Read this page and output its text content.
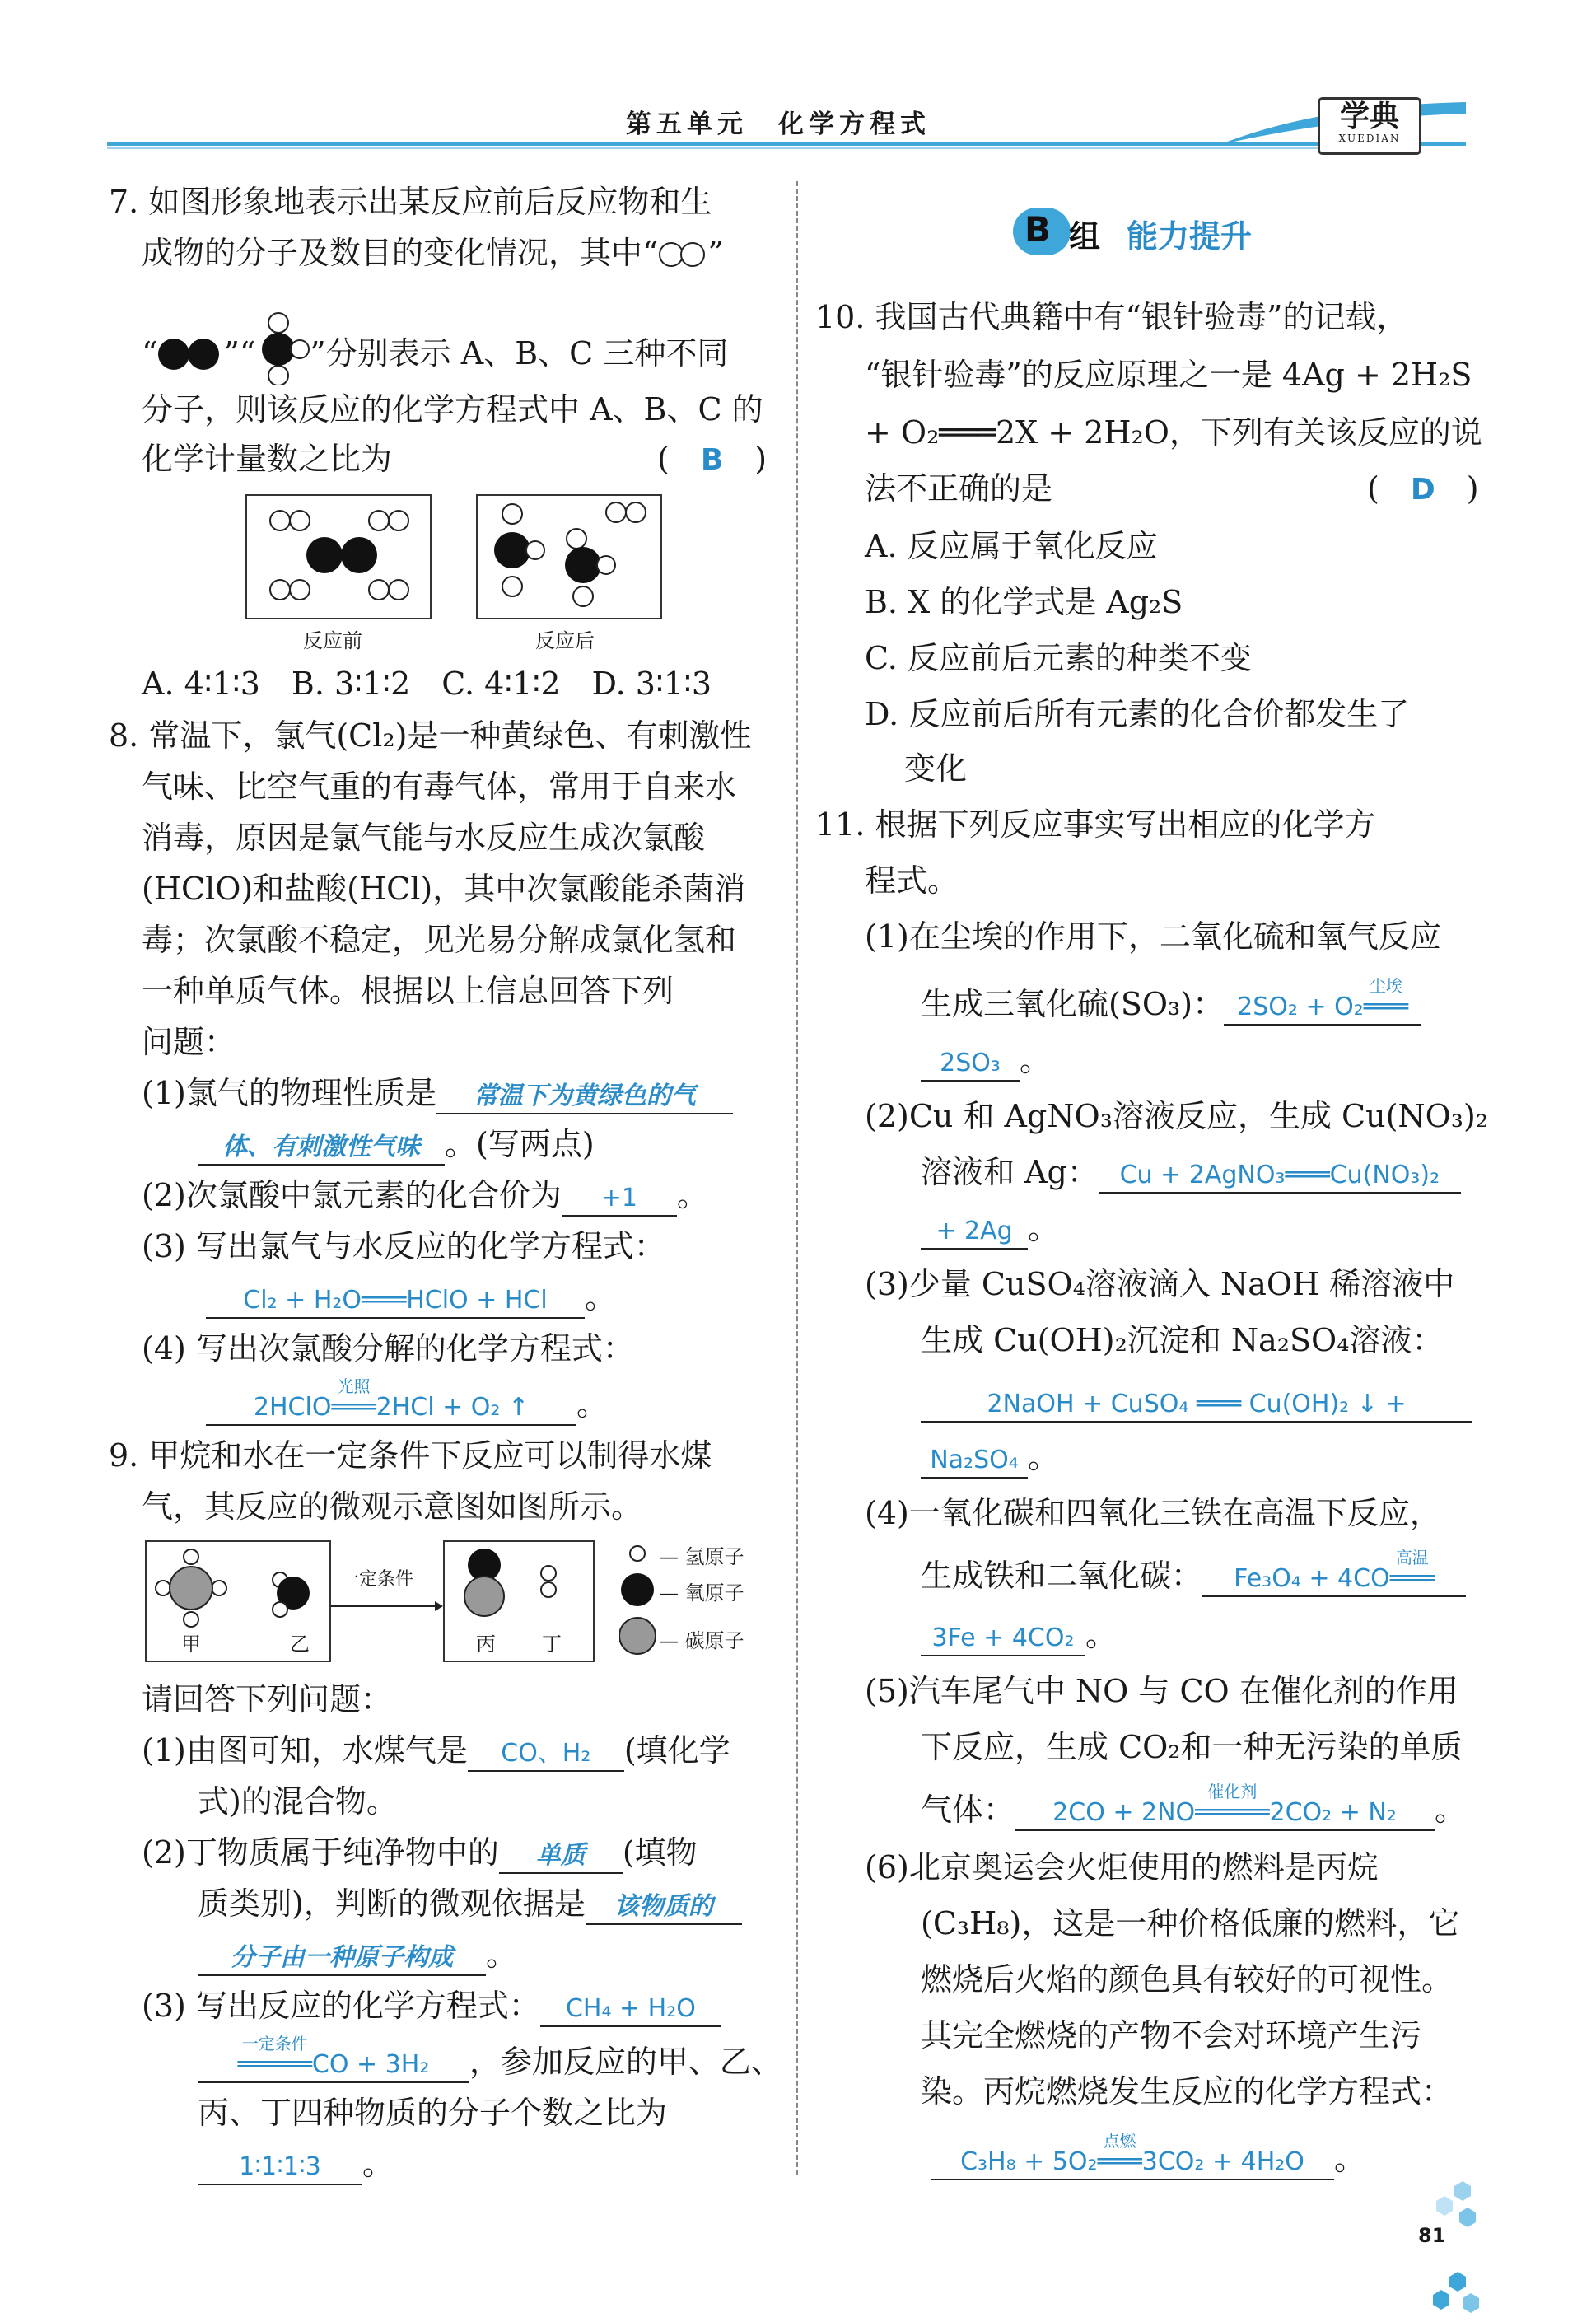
第五单元　化学方程式	学典
XUEDIAN
7. 如图形象地表示出某反应前后反应物和生
成物的分子及数目的变化情况，其中“ ”
“ ”“ ”分别表示 A、B、C 三种不同
分子，则该反应的化学方程式中 A、B、C 的
化学计量数之比为	(　B　)
反应前	反应后
A. 4∶1∶3　B. 3∶1∶2　C. 4∶1∶2　D. 3∶1∶3
8. 常温下，氯气(Cl₂)是一种黄绿色、有刺激性
气味、比空气重的有毒气体，常用于自来水
消毒，原因是氯气能与水反应生成次氯酸
(HClO)和盐酸(HCl)，其中次氯酸能杀菌消
毒；次氯酸不稳定，见光易分解成氯化氢和
一种单质气体。根据以上信息回答下列
问题：
(1)氯气的物理性质是 常温下为黄绿色的气
体、有刺激性气味 。(写两点)
(2)次氯酸中氯元素的化合价为 +1 。
(3) 写出氯气与水反应的化学方程式：
Cl₂ + H₂O═══HClO + HCl 。
(4) 写出次氯酸分解的化学方程式：
2HClO
光照
═══2HCl + O₂ ↑ 。
9. 甲烷和水在一定条件下反应可以制得水煤
气，其反应的微观示意图如图所示。
甲	乙
一定条件
丙 丁
— 氢原子
— 氧原子
— 碳原子
请回答下列问题：
(1)由图可知，水煤气是 CO、H₂ (填化学
式)的混合物。
(2)丁物质属于纯净物中的 单质 (填物
质类别)，判断的微观依据是 该物质的
分子由一种原子构成 。
(3) 写出反应的化学方程式： CH₄ + H₂O
一定条件
═════CO + 3H₂ ，参加反应的甲、乙、
丙、丁四种物质的分子个数之比为
1∶1∶1∶3 。
B 组 能力提升
10. 我国古代典籍中有“银针验毒”的记载，
“银针验毒”的反应原理之一是 4Ag + 2H₂S
+ O₂═══2X + 2H₂O，下列有关该反应的说
法不正确的是	(　D　)
A. 反应属于氧化反应
B. X 的化学式是 Ag₂S
C. 反应前后元素的种类不变
D. 反应前后所有元素的化合价都发生了
变化
11. 根据下列反应事实写出相应的化学方
程式。
(1)在尘埃的作用下，二氧化硫和氧气反应
生成三氧化硫(SO₃)： 2SO₂ + O₂
尘埃
═══
2SO₃ 。
(2)Cu 和 AgNO₃溶液反应，生成 Cu(NO₃)₂
溶液和 Ag： Cu + 2AgNO₃═══Cu(NO₃)₂
+ 2Ag 。
(3)少量 CuSO₄溶液滴入 NaOH 稀溶液中
生成 Cu(OH)₂沉淀和 Na₂SO₄溶液：
2NaOH + CuSO₄ ═══ Cu(OH)₂ ↓ +
Na₂SO₄ 。
(4)一氧化碳和四氧化三铁在高温下反应，
生成铁和二氧化碳： Fe₃O₄ + 4CO
高温
═══
3Fe + 4CO₂ 。
(5)汽车尾气中 NO 与 CO 在催化剂的作用
下反应，生成 CO₂和一种无污染的单质
气体： 2CO + 2NO
催化剂
═════2CO₂ + N₂ 。
(6)北京奥运会火炬使用的燃料是丙烷
(C₃H₈)，这是一种价格低廉的燃料，它
燃烧后火焰的颜色具有较好的可视性。
其完全燃烧的产物不会对环境产生污
染。丙烷燃烧发生反应的化学方程式：
C₃H₈ + 5O₂
点燃
═══3CO₂ + 4H₂O 。
81
